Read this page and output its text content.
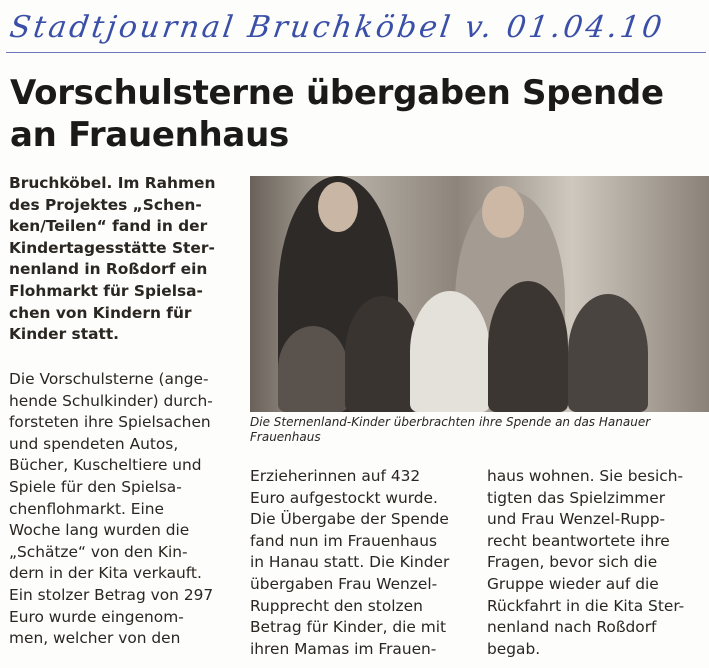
Stadtjournal Bruchköbel v. 01.04.10
Vorschulsterne übergaben Spende
an Frauenhaus
Bruchköbel. Im Rahmen
des Projektes „Schen-
ken/Teilen“ fand in der
Kindertagesstätte Ster-
nenland in Roßdorf ein
Flohmarkt für Spielsa-
chen von Kindern für
Kinder statt.
Die Vorschulsterne (ange-
hende Schulkinder) durch-
forsteten ihre Spielsachen
und spendeten Autos,
Bücher, Kuscheltiere und
Spiele für den Spielsa-
chenflohmarkt. Eine
Woche lang wurden die
„Schätze“ von den Kin-
dern in der Kita verkauft.
Ein stolzer Betrag von 297
Euro wurde eingenom-
men, welcher von den
Erzieherinnen auf 432
Euro aufgestockt wurde.
Die Übergabe der Spende
fand nun im Frauenhaus
in Hanau statt. Die Kinder
übergaben Frau Wenzel-
Rupprecht den stolzen
Betrag für Kinder, die mit
ihren Mamas im Frauen-
haus wohnen. Sie besich-
tigten das Spielzimmer
und Frau Wenzel-Rupp-
recht beantwortete ihre
Fragen, bevor sich die
Gruppe wieder auf die
Rückfahrt in die Kita Ster-
nenland nach Roßdorf
begab.
Die Sternenland-Kinder überbrachten ihre Spende an das Hanauer
Frauenhaus
